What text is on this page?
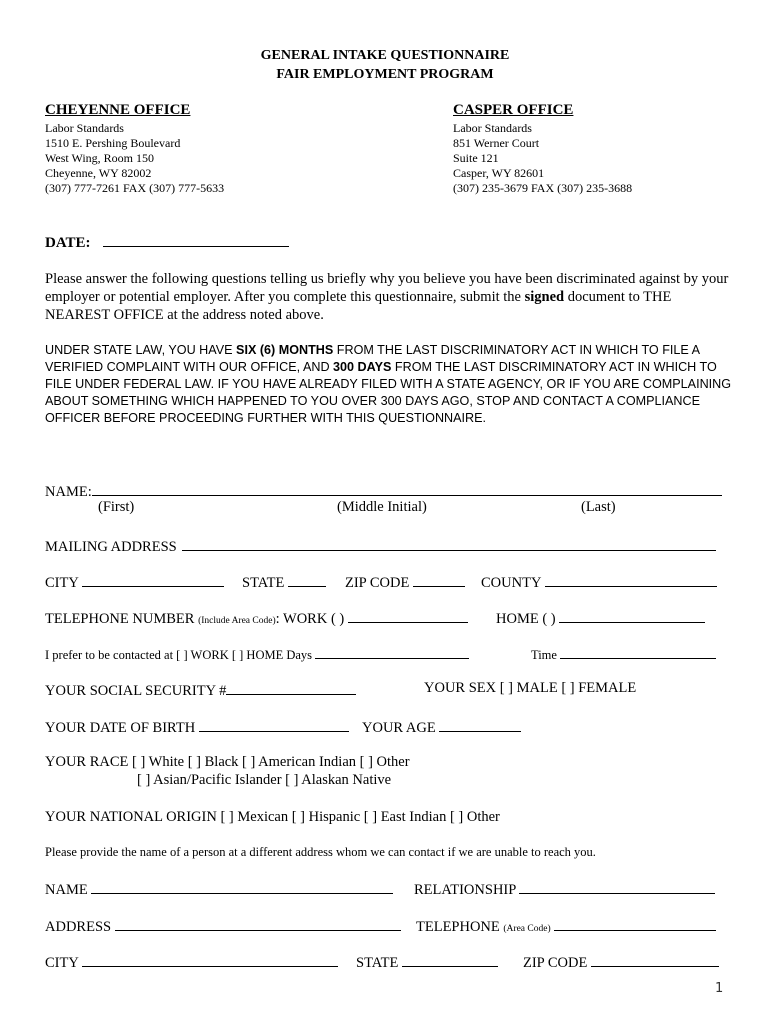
GENERAL INTAKE QUESTIONNAIRE
FAIR EMPLOYMENT PROGRAM
CHEYENNE OFFICE
Labor Standards
1510 E. Pershing Boulevard
West Wing, Room 150
Cheyenne, WY 82002
(307) 777-7261 FAX (307) 777-5633
CASPER OFFICE
Labor Standards
851 Werner Court
Suite 121
Casper, WY 82601
(307) 235-3679 FAX (307) 235-3688
DATE:
Please answer the following questions telling us briefly why you believe you have been discriminated against by your employer or potential employer. After you complete this questionnaire, submit the signed document to THE NEAREST OFFICE at the address noted above.
UNDER STATE LAW, YOU HAVE SIX (6) MONTHS FROM THE LAST DISCRIMINATORY ACT IN WHICH TO FILE A VERIFIED COMPLAINT WITH OUR OFFICE, AND 300 DAYS FROM THE LAST DISCRIMINATORY ACT IN WHICH TO FILE UNDER FEDERAL LAW. IF YOU HAVE ALREADY FILED WITH A STATE AGENCY, OR IF YOU ARE COMPLAINING ABOUT SOMETHING WHICH HAPPENED TO YOU OVER 300 DAYS AGO, STOP AND CONTACT A COMPLIANCE OFFICER BEFORE PROCEEDING FURTHER WITH THIS QUESTIONNAIRE.
NAME:
(First)	(Middle Initial)	(Last)
MAILING ADDRESS
CITY	STATE	ZIP CODE	COUNTY
TELEPHONE NUMBER (Include Area Code): WORK ( )	HOME ( )
I prefer to be contacted at [ ] WORK [ ] HOME Days	Time
YOUR SOCIAL SECURITY #	YOUR SEX [ ] MALE [ ] FEMALE
YOUR DATE OF BIRTH	YOUR AGE
YOUR RACE [ ] White [ ] Black [ ] American Indian [ ] Other
[ ] Asian/Pacific Islander [ ] Alaskan Native
YOUR NATIONAL ORIGIN [ ] Mexican [ ] Hispanic [ ] East Indian [ ] Other
Please provide the name of a person at a different address whom we can contact if we are unable to reach you.
NAME	RELATIONSHIP
ADDRESS	TELEPHONE (Area Code)
CITY	STATE	ZIP CODE
1
